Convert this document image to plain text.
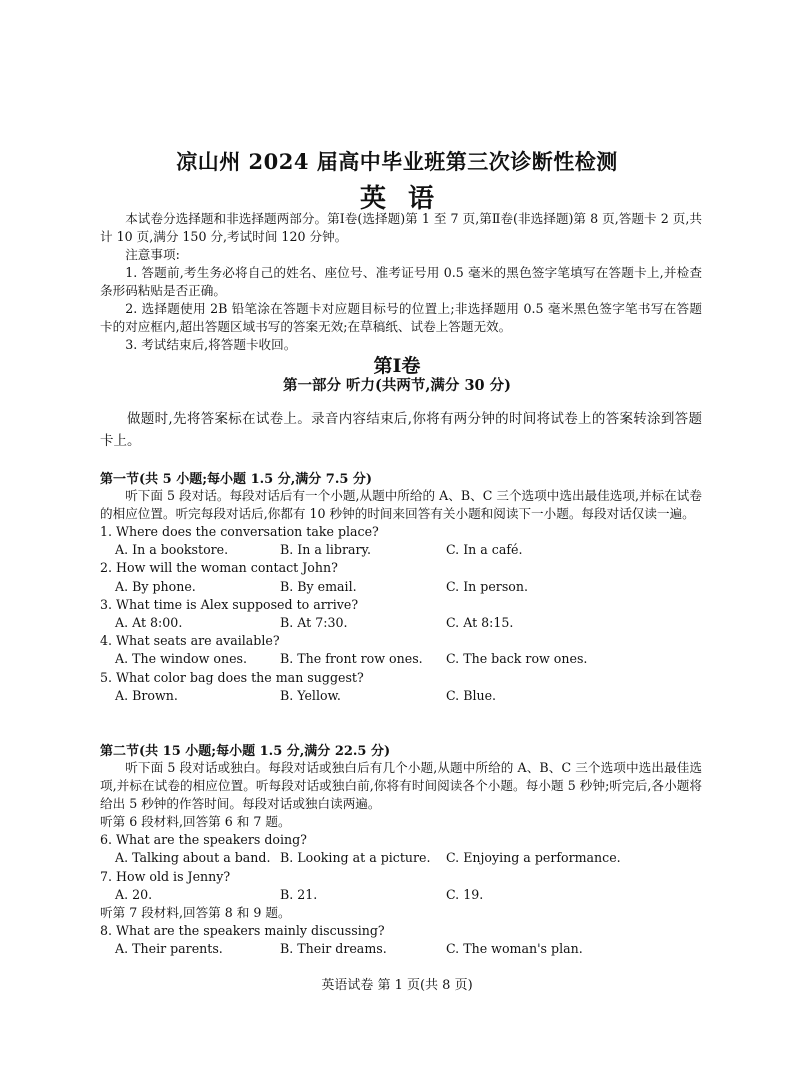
凉山州 2024 届高中毕业班第三次诊断性检测
英语

本试卷分选择题和非选择题两部分。第Ⅰ卷(选择题)第 1 至 7 页,第Ⅱ卷(非选择题)第 8 页,答题卡 2 页,共计 10 页,满分 150 分,考试时间 120 分钟。

注意事项:

1. 答题前,考生务必将自己的姓名、座位号、准考证号用 0.5 毫米的黑色签字笔填写在答题卡上,并检查条形码粘贴是否正确。

2. 选择题使用 2B 铅笔涂在答题卡对应题目标号的位置上;非选择题用 0.5 毫米黑色签字笔书写在答题卡的对应框内,超出答题区域书写的答案无效;在草稿纸、试卷上答题无效。

3. 考试结束后,将答题卡收回。

第Ⅰ卷
第一部分 听力(共两节,满分 30 分)

做题时,先将答案标在试卷上。录音内容结束后,你将有两分钟的时间将试卷上的答案转涂到答题卡上。

第一节(共 5 小题;每小题 1.5 分,满分 7.5 分)

听下面 5 段对话。每段对话后有一个小题,从题中所给的 A、B、C 三个选项中选出最佳选项,并标在试卷的相应位置。听完每段对话后,你都有 10 秒钟的时间来回答有关小题和阅读下一小题。每段对话仅读一遍。

1. Where does the conversation take place?

A. In a bookstore.	B. In a library.	C. In a café.

2. How will the woman contact John?

A. By phone.	B. By email.	C. In person.

3. What time is Alex supposed to arrive?

A. At 8:00.	B. At 7:30.	C. At 8:15.

4. What seats are available?

A. The window ones.	B. The front row ones.	C. The back row ones.

5. What color bag does the man suggest?

A. Brown.	B. Yellow.	C. Blue.

第二节(共 15 小题;每小题 1.5 分,满分 22.5 分)

听下面 5 段对话或独白。每段对话或独白后有几个小题,从题中所给的 A、B、C 三个选项中选出最佳选项,并标在试卷的相应位置。听每段对话或独白前,你将有时间阅读各个小题。每小题 5 秒钟;听完后,各小题将给出 5 秒钟的作答时间。每段对话或独白读两遍。

听第 6 段材料,回答第 6 和 7 题。

6. What are the speakers doing?

A. Talking about a band. B. Looking at a picture.	C. Enjoying a performance.

7. How old is Jenny?

A. 20.	B. 21.	C. 19.

听第 7 段材料,回答第 8 和 9 题。

8. What are the speakers mainly discussing?

A. Their parents.	B. Their dreams.	C. The woman's plan.
英语试卷 第 1 页(共 8 页)
